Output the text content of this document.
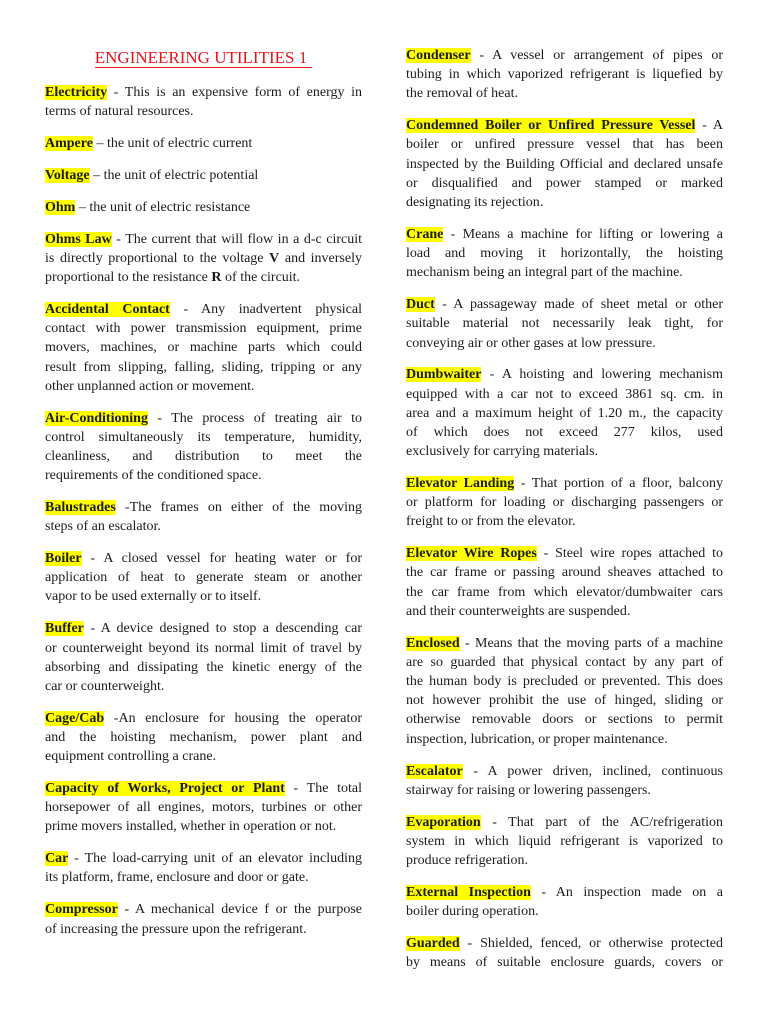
ENGINEERING UTILITIES 1
Electricity - This is an expensive form of energy in
terms of natural resources.
Ampere – the unit of electric current
Voltage – the unit of electric potential
Ohm – the unit of electric resistance
Ohms Law - The current that will flow in a d-c circuit
is directly proportional to the voltage V and inversely
proportional to the resistance R of the circuit.
Accidental Contact - Any inadvertent physical
contact with power transmission equipment, prime
movers, machines, or machine parts which could
result from slipping, falling, sliding, tripping or any
other unplanned action or movement.
Air-Conditioning - The process of treating air to
control simultaneously its temperature, humidity,
cleanliness, and distribution to meet the
requirements of the conditioned space.
Balustrades -The frames on either of the moving
steps of an escalator.
Boiler - A closed vessel for heating water or for
application of heat to generate steam or another
vapor to be used externally or to itself.
Buffer - A device designed to stop a descending car
or counterweight beyond its normal limit of travel by
absorbing and dissipating the kinetic energy of the
car or counterweight.
Cage/Cab -An enclosure for housing the operator
and the hoisting mechanism, power plant and
equipment controlling a crane.
Capacity of Works, Project or Plant - The total
horsepower of all engines, motors, turbines or other
prime movers installed, whether in operation or not.
Car - The load-carrying unit of an elevator including
its platform, frame, enclosure and door or gate.
Compressor - A mechanical device f or the purpose
of increasing the pressure upon the refrigerant.
Condenser - A vessel or arrangement of pipes or
tubing in which vaporized refrigerant is liquefied by
the removal of heat.
Condemned Boiler or Unfired Pressure Vessel - A
boiler or unfired pressure vessel that has been
inspected by the Building Official and declared unsafe
or disqualified and power stamped or marked
designating its rejection.
Crane - Means a machine for lifting or lowering a
load and moving it horizontally, the hoisting
mechanism being an integral part of the machine.
Duct - A passageway made of sheet metal or other
suitable material not necessarily leak tight, for
conveying air or other gases at low pressure.
Dumbwaiter - A hoisting and lowering mechanism
equipped with a car not to exceed 3861 sq. cm. in
area and a maximum height of 1.20 m., the capacity
of which does not exceed 277 kilos, used
exclusively for carrying materials.
Elevator Landing - That portion of a floor, balcony
or platform for loading or discharging passengers or
freight to or from the elevator.
Elevator Wire Ropes - Steel wire ropes attached to
the car frame or passing around sheaves attached to
the car frame from which elevator/dumbwaiter cars
and their counterweights are suspended.
Enclosed - Means that the moving parts of a machine
are so guarded that physical contact by any part of
the human body is precluded or prevented. This does
not however prohibit the use of hinged, sliding or
otherwise removable doors or sections to permit
inspection, lubrication, or proper maintenance.
Escalator - A power driven, inclined, continuous
stairway for raising or lowering passengers.
Evaporation - That part of the AC/refrigeration
system in which liquid refrigerant is vaporized to
produce refrigeration.
External Inspection - An inspection made on a
boiler during operation.
Guarded - Shielded, fenced, or otherwise protected
by means of suitable enclosure guards, covers or
